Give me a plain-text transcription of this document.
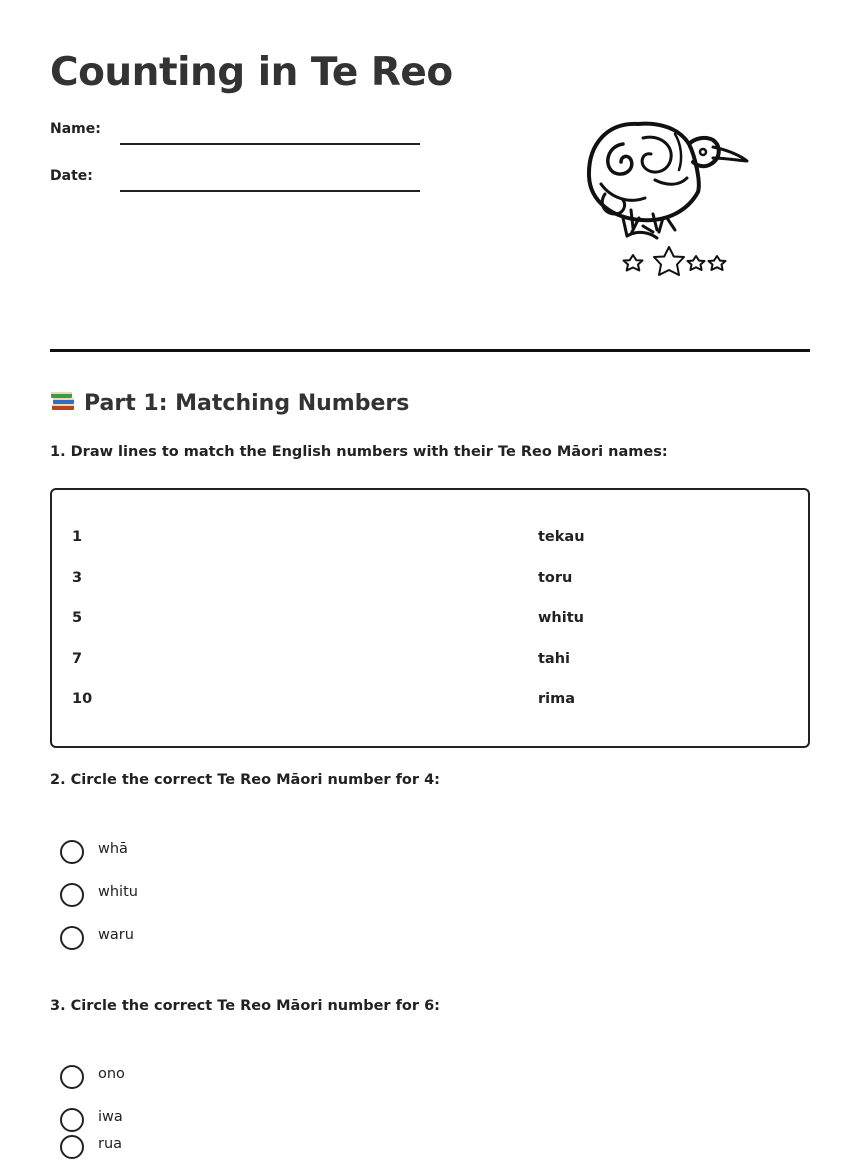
Counting in Te Reo
Name:
Date:
Part 1: Matching Numbers

1. Draw lines to match the English numbers with their Te Reo Māori names:

1
3
5
7
10
tekau
toru
whitu
tahi
rima

2. Circle the correct Te Reo Māori number for 4:

whā
whitu
waru

3. Circle the correct Te Reo Māori number for 6:

ono
iwa
rua
